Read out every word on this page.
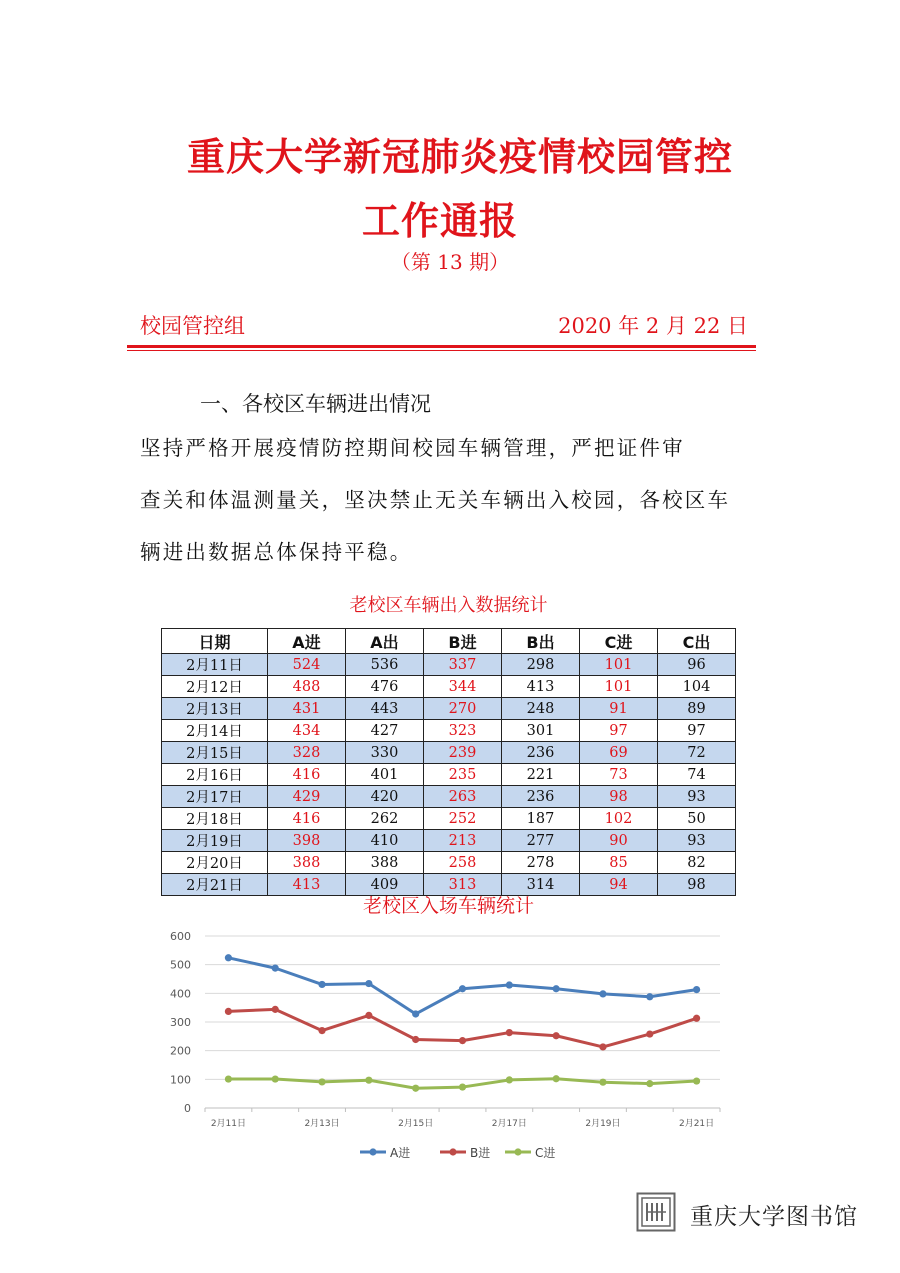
重庆大学新冠肺炎疫情校园管控
工作通报
（第 13 期）
校园管控组	2020 年 2 月 22 日
一、各校区车辆进出情况
坚持严格开展疫情防控期间校园车辆管理，严把证件审
查关和体温测量关，坚决禁止无关车辆出入校园，各校区车
辆进出数据总体保持平稳。
老校区车辆出入数据统计
日期	A进	A出	B进	B出	C进	C出
2月11日	524	536	337	298	101	96
2月12日	488	476	344	413	101	104
2月13日	431	443	270	248	91	89
2月14日	434	427	323	301	97	97
2月15日	328	330	239	236	69	72
2月16日	416	401	235	221	73	74
2月17日	429	420	263	236	98	93
2月18日	416	262	252	187	102	50
2月19日	398	410	213	277	90	93
2月20日	388	388	258	278	85	82
2月21日	413	409	313	314	94	98
老校区入场车辆统计
0
100
200
300
400
500
600
2月11日	2月13日	2月15日	2月17日	2月19日	2月21日
A进	B进	C进
重庆大学图书馆
